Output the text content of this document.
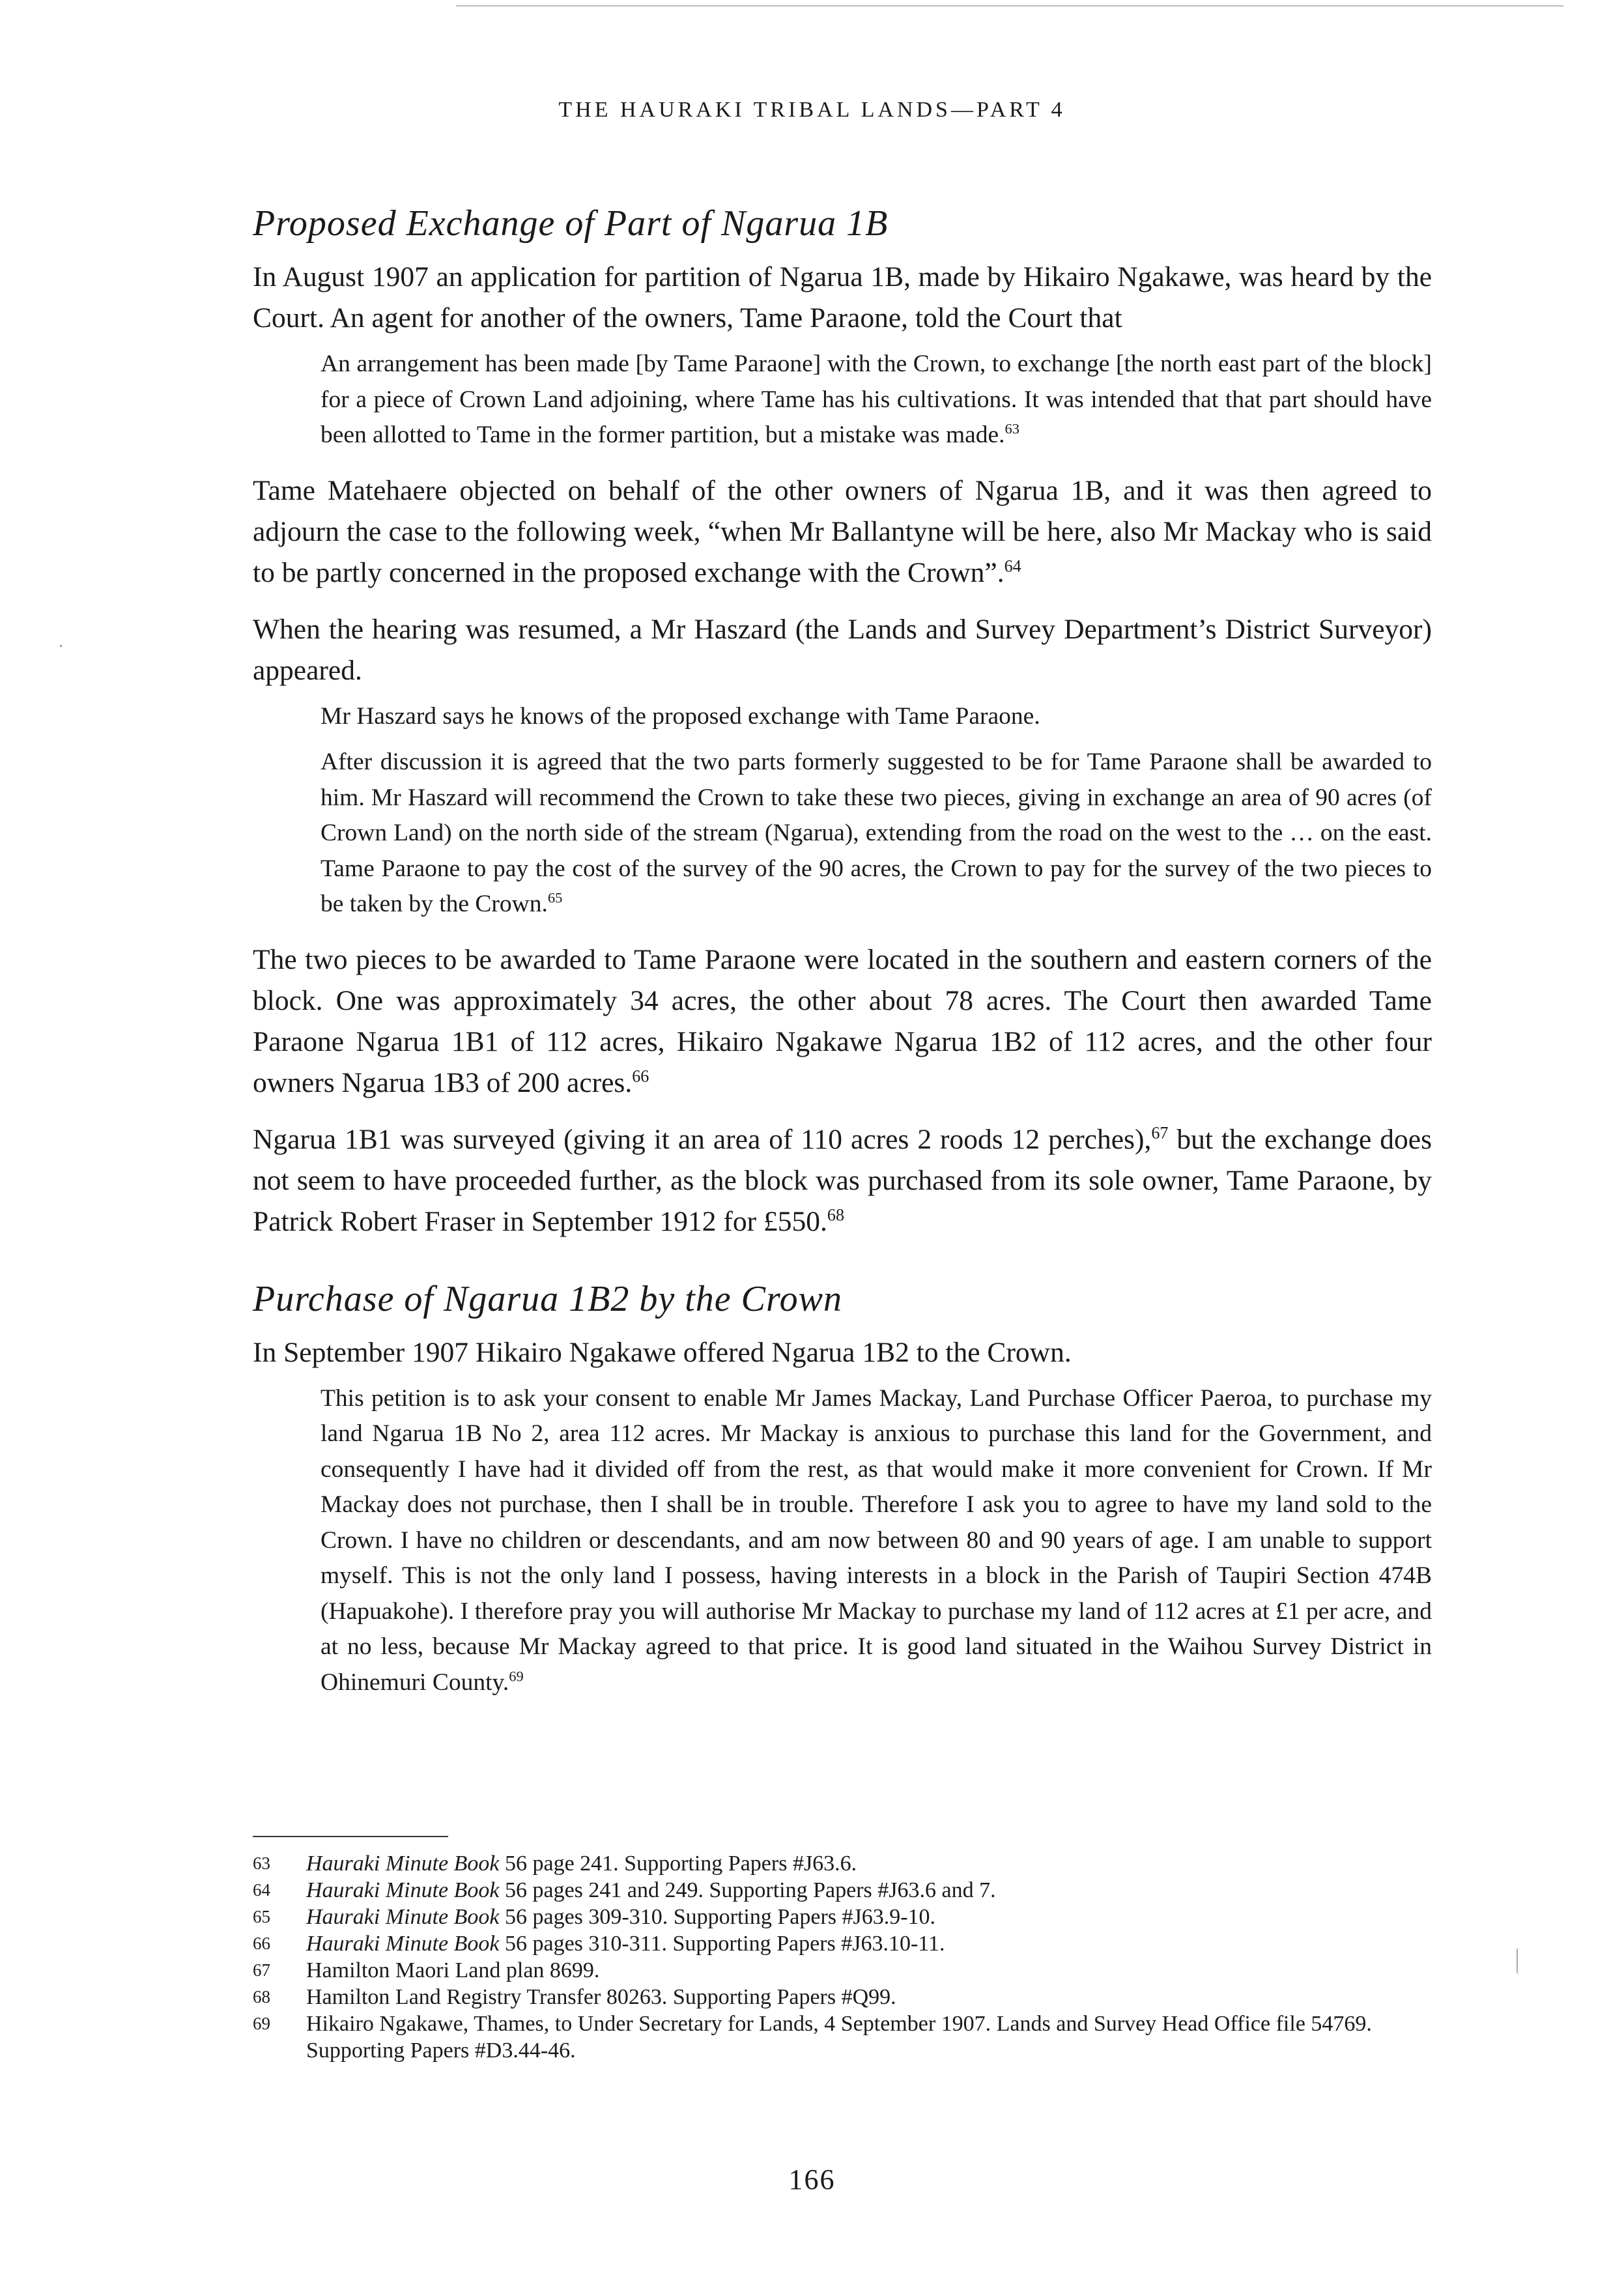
THE HAURAKI TRIBAL LANDS—PART 4
Proposed Exchange of Part of Ngarua 1B

In August 1907 an application for partition of Ngarua 1B, made by Hikairo Ngakawe, was heard by the Court. An agent for another of the owners, Tame Paraone, told the Court that

An arrangement has been made [by Tame Paraone] with the Crown, to exchange [the north east part of the block] for a piece of Crown Land adjoining, where Tame has his cultivations. It was intended that that part should have been allotted to Tame in the former partition, but a mistake was made.$^{63}$

Tame Matehaere objected on behalf of the other owners of Ngarua 1B, and it was then agreed to adjourn the case to the following week, “when Mr Ballantyne will be here, also Mr Mackay who is said to be partly concerned in the proposed exchange with the Crown”.$^{64}$

When the hearing was resumed, a Mr Haszard (the Lands and Survey Department’s District Surveyor) appeared.

Mr Haszard says he knows of the proposed exchange with Tame Paraone.

After discussion it is agreed that the two parts formerly suggested to be for Tame Paraone shall be awarded to him. Mr Haszard will recommend the Crown to take these two pieces, giving in exchange an area of 90 acres (of Crown Land) on the north side of the stream (Ngarua), extending from the road on the west to the … on the east. Tame Paraone to pay the cost of the survey of the 90 acres, the Crown to pay for the survey of the two pieces to be taken by the Crown.$^{65}$

The two pieces to be awarded to Tame Paraone were located in the southern and eastern corners of the block. One was approximately 34 acres, the other about 78 acres. The Court then awarded Tame Paraone Ngarua 1B1 of 112 acres, Hikairo Ngakawe Ngarua 1B2 of 112 acres, and the other four owners Ngarua 1B3 of 200 acres.$^{66}$

Ngarua 1B1 was surveyed (giving it an area of 110 acres 2 roods 12 perches),$^{67}$ but the exchange does not seem to have proceeded further, as the block was purchased from its sole owner, Tame Paraone, by Patrick Robert Fraser in September 1912 for £550.68

Purchase of Ngarua 1B2 by the Crown

In September 1907 Hikairo Ngakawe offered Ngarua 1B2 to the Crown.

This petition is to ask your consent to enable Mr James Mackay, Land Purchase Officer Paeroa, to purchase my land Ngarua 1B No 2, area 112 acres. Mr Mackay is anxious to purchase this land for the Government, and consequently I have had it divided off from the rest, as that would make it more convenient for Crown. If Mr Mackay does not purchase, then I shall be in trouble. Therefore I ask you to agree to have my land sold to the Crown. I have no children or descendants, and am now between 80 and 90 years of age. I am unable to support myself. This is not the only land I possess, having interests in a block in the Parish of Taupiri Section 474B (Hapuakohe). I therefore pray you will authorise Mr Mackay to purchase my land of 112 acres at £1 per acre, and at no less, because Mr Mackay agreed to that price. It is good land situated in the Waihou Survey District in Ohinemuri County.$^{69}$

63	Hauraki Minute Book 56 page 241. Supporting Papers #J63.6.
64	Hauraki Minute Book 56 pages 241 and 249. Supporting Papers #J63.6 and 7.
65	Hauraki Minute Book 56 pages 309-310. Supporting Papers #J63.9-10.
66	Hauraki Minute Book 56 pages 310-311. Supporting Papers #J63.10-11.
67	Hamilton Maori Land plan 8699.
68	Hamilton Land Registry Transfer 80263. Supporting Papers #Q99.
69	Hikairo Ngakawe, Thames, to Under Secretary for Lands, 4 September 1907. Lands and Survey Head Office file 54769. Supporting Papers #D3.44-46.
166
